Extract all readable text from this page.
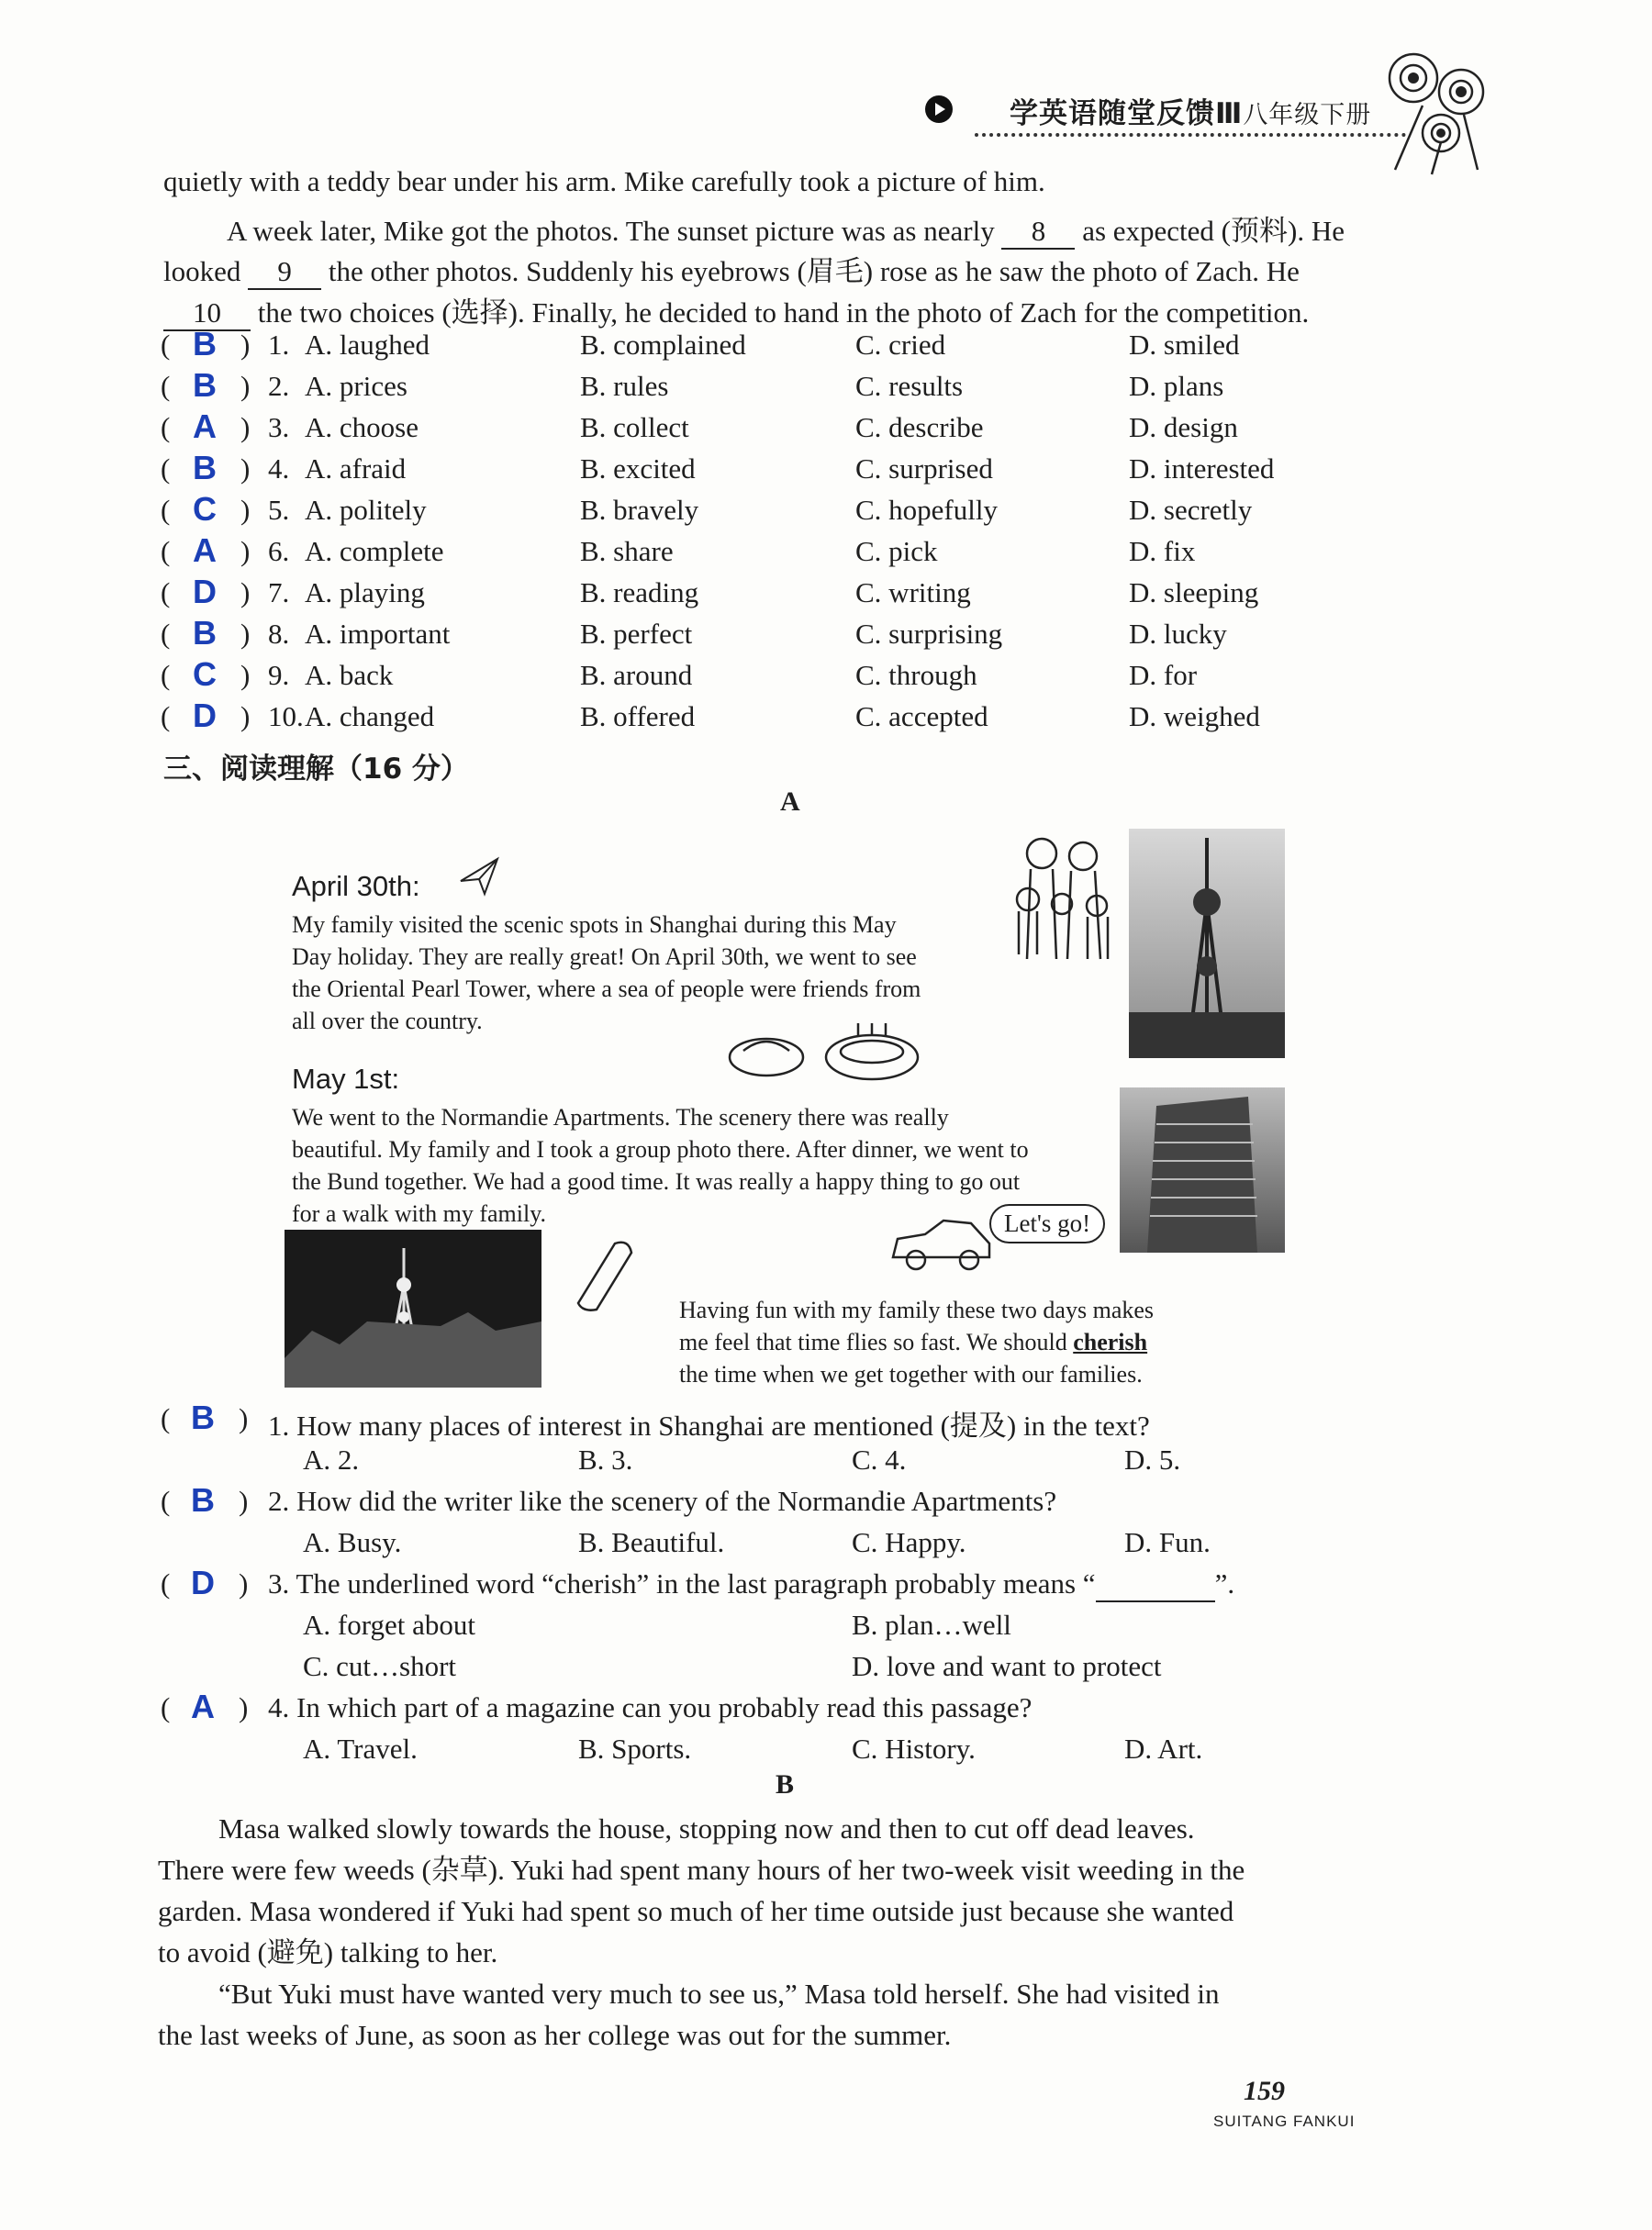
学英语随堂反馈Ⅲ八年级下册
quietly with a teddy bear under his arm. Mike carefully took a picture of him.
A week later, Mike got the photos. The sunset picture was as nearly 8 as expected (预料). He
looked 9 the other photos. Suddenly his eyebrows (眉毛) rose as he saw the photo of Zach. He
10 the two choices (选择). Finally, he decided to hand in the photo of Zach for the competition.
( B ) 1. A. laughed	B. complained	C. cried	D. smiled
( B ) 2. A. prices	B. rules	C. results	D. plans
( A ) 3. A. choose	B. collect	C. describe	D. design
( B ) 4. A. afraid	B. excited	C. surprised	D. interested
( C ) 5. A. politely	B. bravely	C. hopefully	D. secretly
( A ) 6. A. complete	B. share	C. pick	D. fix
( D ) 7. A. playing	B. reading	C. writing	D. sleeping
( B ) 8. A. important	B. perfect	C. surprising	D. lucky
( C ) 9. A. back	B. around	C. through	D. for
( D ) 10. A. changed	B. offered	C. accepted	D. weighed
三、阅读理解（16 分）
A
April 30th:
My family visited the scenic spots in Shanghai during this May
Day holiday. They are really great! On April 30th, we went to see
the Oriental Pearl Tower, where a sea of people were friends from
all over the country.
May 1st:
We went to the Normandie Apartments. The scenery there was really
beautiful. My family and I took a group photo there. After dinner, we went to
the Bund together. We had a good time. It was really a happy thing to go out
for a walk with my family.	Let's go!
Having fun with my family these two days makes
me feel that time flies so fast. We should cherish
the time when we get together with our families.
( B ) 1. How many places of interest in Shanghai are mentioned (提及) in the text?
A. 2.	B. 3.	C. 4.	D. 5.
( B ) 2. How did the writer like the scenery of the Normandie Apartments?
A. Busy.	B. Beautiful.	C. Happy.	D. Fun.
( D ) 3. The underlined word “cherish” in the last paragraph probably means “	”.
A. forget about	B. plan…well
C. cut…short	D. love and want to protect
( A ) 4. In which part of a magazine can you probably read this passage?
A. Travel.	B. Sports.	C. History.	D. Art.
B
Masa walked slowly towards the house, stopping now and then to cut off dead leaves.
There were few weeds (杂草). Yuki had spent many hours of her two-week visit weeding in the
garden. Masa wondered if Yuki had spent so much of her time outside just because she wanted
to avoid (避免) talking to her.
“But Yuki must have wanted very much to see us,” Masa told herself. She had visited in
the last weeks of June, as soon as her college was out for the summer.
159
SUITANG FANKUI
